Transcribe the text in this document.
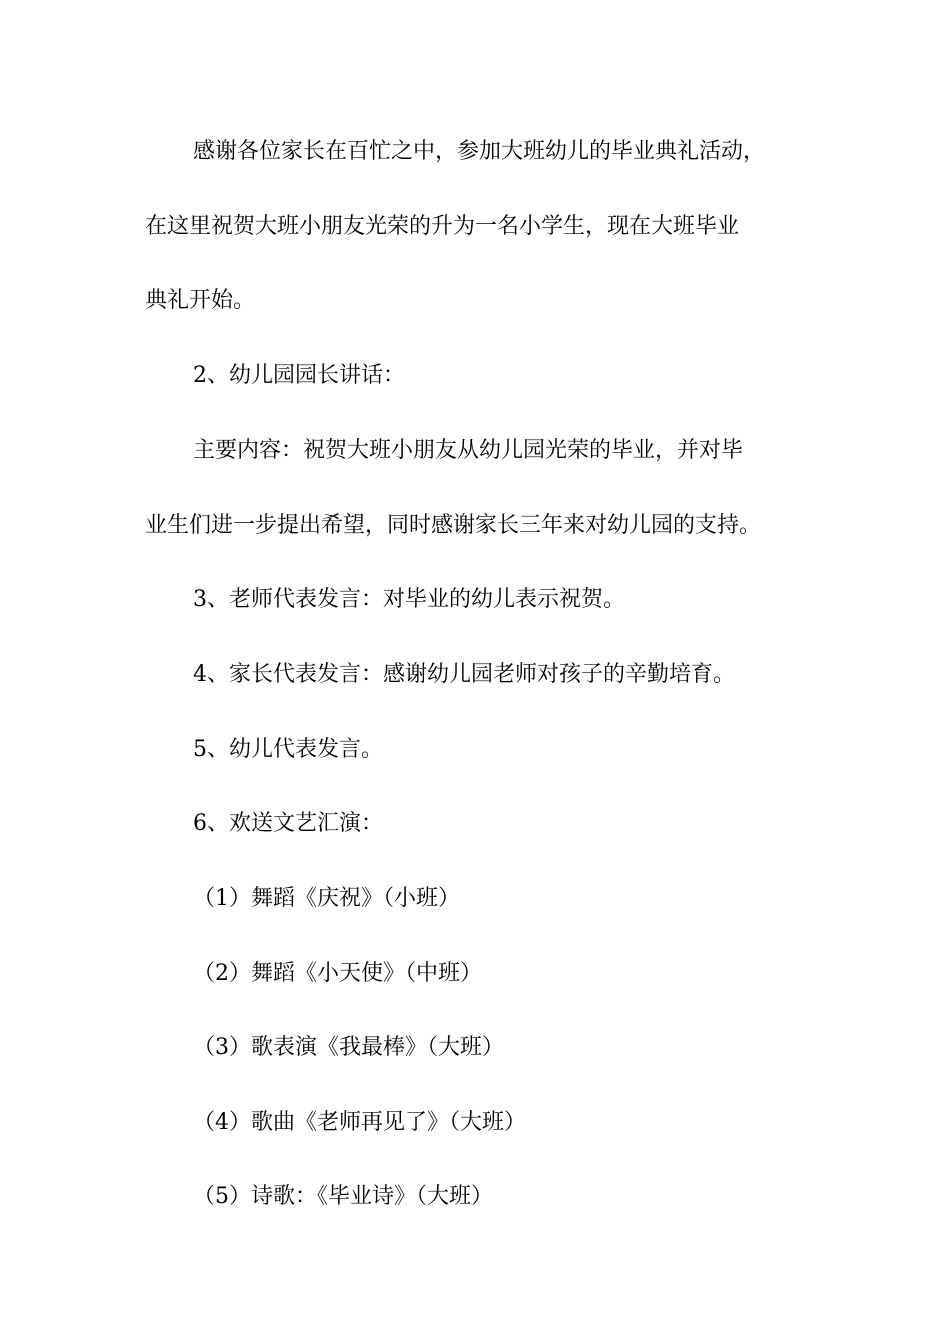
感谢各位家长在百忙之中，参加大班幼儿的毕业典礼活动，
在这里祝贺大班小朋友光荣的升为一名小学生，现在大班毕业
典礼开始。
2、幼儿园园长讲话：
主要内容：祝贺大班小朋友从幼儿园光荣的毕业，并对毕
业生们进一步提出希望，同时感谢家长三年来对幼儿园的支持。
3、老师代表发言：对毕业的幼儿表示祝贺。
4、家长代表发言：感谢幼儿园老师对孩子的辛勤培育。
5、幼儿代表发言。
6、欢送文艺汇演：
（1）舞蹈《庆祝》（小班）
（2）舞蹈《小天使》（中班）
（3）歌表演《我最棒》（大班）
（4）歌曲《老师再见了》（大班）
（5）诗歌：《毕业诗》（大班）
